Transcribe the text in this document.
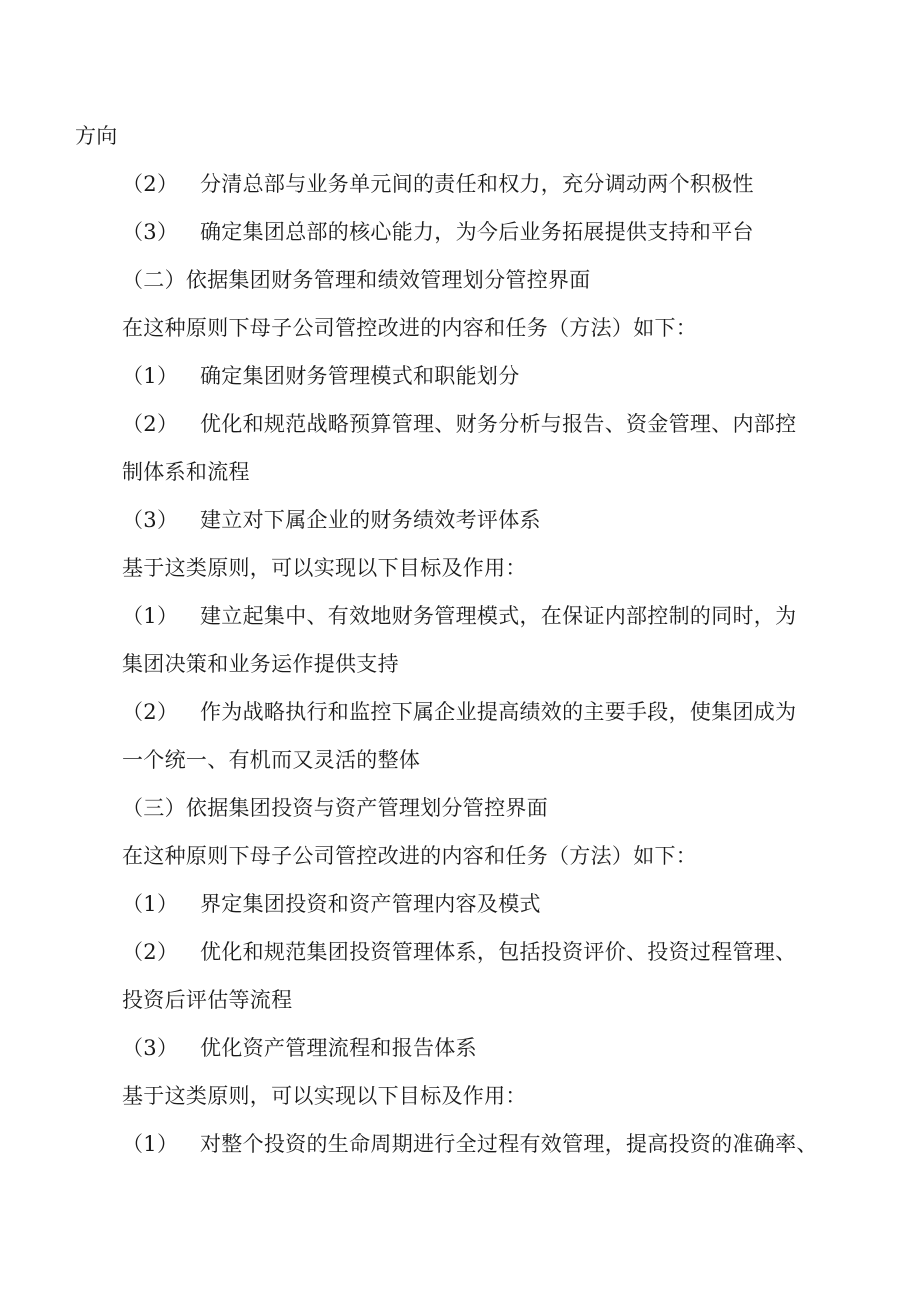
方向
（2） 分清总部与业务单元间的责任和权力，充分调动两个积极性
（3） 确定集团总部的核心能力，为今后业务拓展提供支持和平台
（二）依据集团财务管理和绩效管理划分管控界面
在这种原则下母子公司管控改进的内容和任务（方法）如下：
（1） 确定集团财务管理模式和职能划分
（2） 优化和规范战略预算管理、财务分析与报告、资金管理、内部控
制体系和流程
（3） 建立对下属企业的财务绩效考评体系
基于这类原则，可以实现以下目标及作用：
（1） 建立起集中、有效地财务管理模式，在保证内部控制的同时，为
集团决策和业务运作提供支持
（2） 作为战略执行和监控下属企业提高绩效的主要手段，使集团成为
一个统一、有机而又灵活的整体
（三）依据集团投资与资产管理划分管控界面
在这种原则下母子公司管控改进的内容和任务（方法）如下：
（1） 界定集团投资和资产管理内容及模式
（2） 优化和规范集团投资管理体系，包括投资评价、投资过程管理、
投资后评估等流程
（3） 优化资产管理流程和报告体系
基于这类原则，可以实现以下目标及作用：
（1） 对整个投资的生命周期进行全过程有效管理，提高投资的准确率、
